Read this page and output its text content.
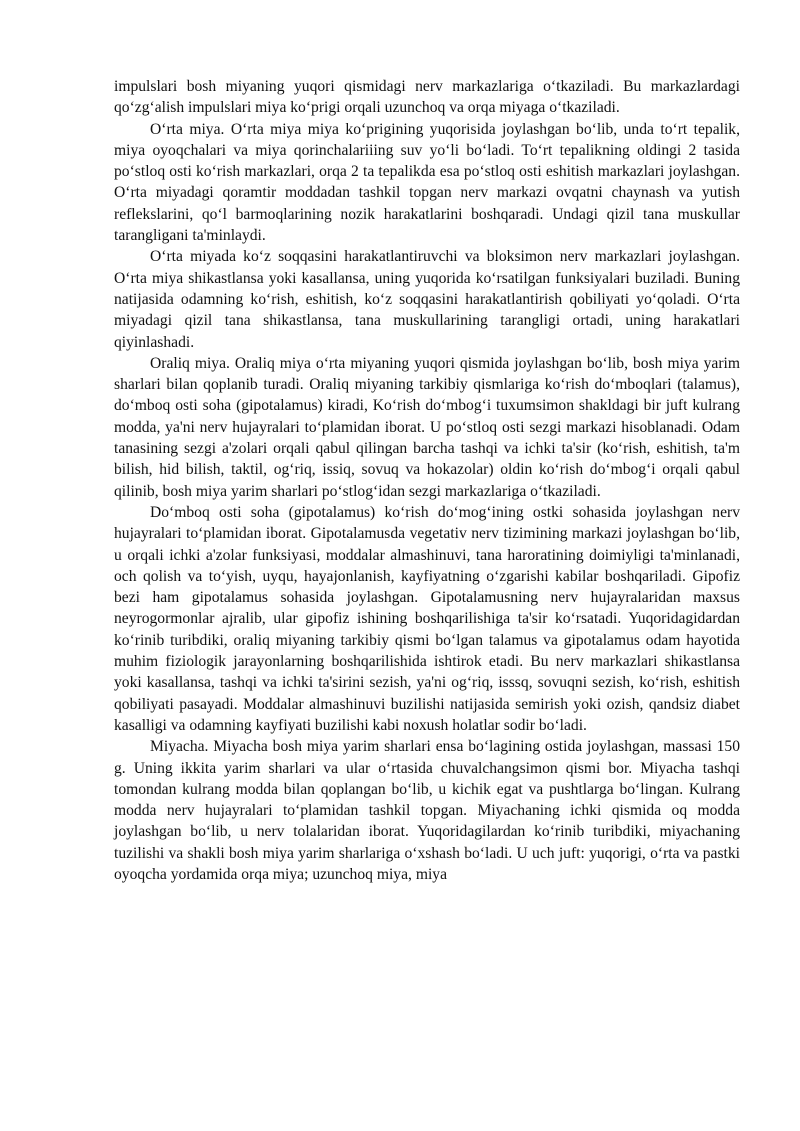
impulslari bosh miyaning yuqori qismidagi nerv markazlariga o‘tkaziladi. Bu markazlardagi qo‘zg‘alish impulslari miya ko‘prigi orqali uzunchoq va orqa miyaga o‘tkaziladi.

O‘rta miya. O‘rta miya miya ko‘prigining yuqorisida joylashgan bo‘lib, unda to‘rt tepalik, miya oyoqchalari va miya qorinchalariiing suv yo‘li bo‘ladi. To‘rt tepalikning oldingi 2 tasida po‘stloq osti ko‘rish markazlari, orqa 2 ta tepalikda esa po‘stloq osti eshitish markazlari joylashgan. O‘rta miyadagi qoramtir moddadan tashkil topgan nerv markazi ovqatni chaynash va yutish reflekslarini, qo‘l barmoqlarining nozik harakatlarini boshqaradi. Undagi qizil tana muskullar tarangligani ta'minlaydi.

O‘rta miyada ko‘z soqqasini harakatlantiruvchi va bloksimon nerv markazlari joylashgan. O‘rta miya shikastlansa yoki kasallansa, uning yuqorida ko‘rsatilgan funksiyalari buziladi. Buning natijasida odamning ko‘rish, eshitish, ko‘z soqqasini harakatlantirish qobiliyati yo‘qoladi. O‘rta miyadagi qizil tana shikastlansa, tana muskullarining tarangligi ortadi, uning harakatlari qiyinlashadi.

Oraliq miya. Oraliq miya o‘rta miyaning yuqori qismida joylashgan bo‘lib, bosh miya yarim sharlari bilan qoplanib turadi. Oraliq miyaning tarkibiy qismlariga ko‘rish do‘mboqlari (talamus), do‘mboq osti soha (gipotalamus) kiradi, Ko‘rish do‘mbog‘i tuxumsimon shakldagi bir juft kulrang modda, ya'ni nerv hujayralari to‘plamidan iborat. U po‘stloq osti sezgi markazi hisoblanadi. Odam tanasining sezgi a'zolari orqali qabul qilingan barcha tashqi va ichki ta'sir (ko‘rish, eshitish, ta'm bilish, hid bilish, taktil, og‘riq, issiq, sovuq va hokazolar) oldin ko‘rish do‘mbog‘i orqali qabul qilinib, bosh miya yarim sharlari po‘stlog‘idan sezgi markazlariga o‘tkaziladi.

Do‘mboq osti soha (gipotalamus) ko‘rish do‘mog‘ining ostki sohasida joylashgan nerv hujayralari to‘plamidan iborat. Gipotalamusda vegetativ nerv tizimining markazi joylashgan bo‘lib, u orqali ichki a'zolar funksiyasi, moddalar almashinuvi, tana haroratining doimiyligi ta'minlanadi, och qolish va to‘yish, uyqu, hayajonlanish, kayfiyatning o‘zgarishi kabilar boshqariladi. Gipofiz bezi ham gipotalamus sohasida joylashgan. Gipotalamusning nerv hujayralaridan maxsus neyrogormonlar ajralib, ular gipofiz ishining boshqarilishiga ta'sir ko‘rsatadi. Yuqoridagidardan ko‘rinib turibdiki, oraliq miyaning tarkibiy qismi bo‘lgan talamus va gipotalamus odam hayotida muhim fiziologik jarayonlarning boshqarilishida ishtirok etadi. Bu nerv markazlari shikastlansa yoki kasallansa, tashqi va ichki ta'sirini sezish, ya'ni og‘riq, isssq, sovuqni sezish, ko‘rish, eshitish qobiliyati pasayadi. Moddalar almashinuvi buzilishi natijasida semirish yoki ozish, qandsiz diabet kasalligi va odamning kayfiyati buzilishi kabi noxush holatlar sodir bo‘ladi.

Miyacha. Miyacha bosh miya yarim sharlari ensa bo‘lagining ostida joylashgan, massasi 150 g. Uning ikkita yarim sharlari va ular o‘rtasida chuvalchangsimon qismi bor. Miyacha tashqi tomondan kulrang modda bilan qoplangan bo‘lib, u kichik egat va pushtlarga bo‘lingan. Kulrang modda nerv hujayralari to‘plamidan tashkil topgan. Miyachaning ichki qismida oq modda joylashgan bo‘lib, u nerv tolalaridan iborat. Yuqoridagilardan ko‘rinib turibdiki, miyachaning tuzilishi va shakli bosh miya yarim sharlariga o‘xshash bo‘ladi. U uch juft: yuqorigi, o‘rta va pastki oyoqcha yordamida orqa miya; uzunchoq miya, miya
